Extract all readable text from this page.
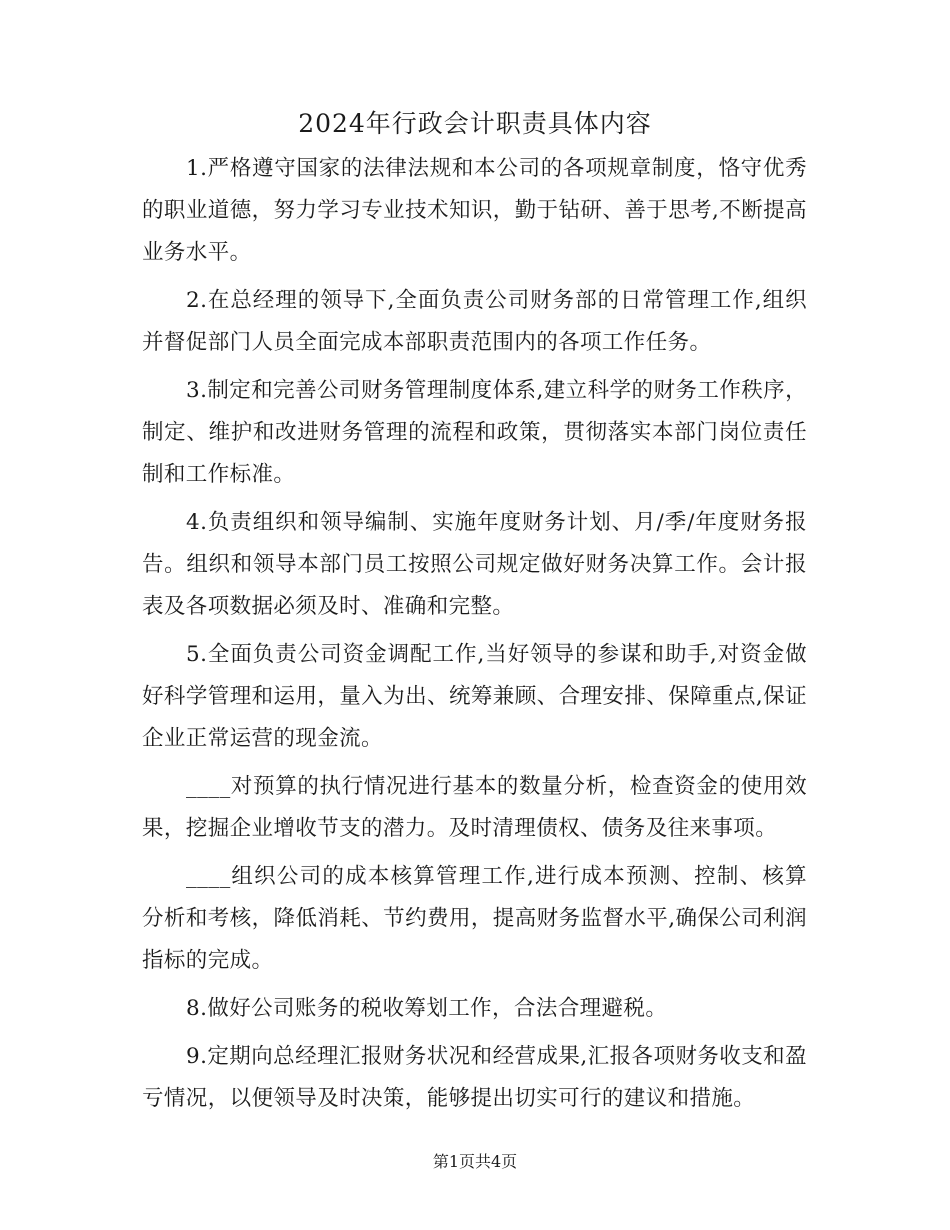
2024年行政会计职责具体内容

1.严格遵守国家的法律法规和本公司的各项规章制度，恪守优秀的职业道德，努力学习专业技术知识，勤于钻研、善于思考,不断提高业务水平。

2.在总经理的领导下,全面负责公司财务部的日常管理工作,组织并督促部门人员全面完成本部职责范围内的各项工作任务。

3.制定和完善公司财务管理制度体系,建立科学的财务工作秩序，制定、维护和改进财务管理的流程和政策，贯彻落实本部门岗位责任制和工作标准。

4.负责组织和领导编制、实施年度财务计划、月/季/年度财务报告。组织和领导本部门员工按照公司规定做好财务决算工作。会计报表及各项数据必须及时、准确和完整。

5.全面负责公司资金调配工作,当好领导的参谋和助手,对资金做好科学管理和运用，量入为出、统筹兼顾、合理安排、保障重点,保证企业正常运营的现金流。

____对预算的执行情况进行基本的数量分析，检查资金的使用效果，挖掘企业增收节支的潜力。及时清理债权、债务及往来事项。

____组织公司的成本核算管理工作,进行成本预测、控制、核算分析和考核，降低消耗、节约费用，提高财务监督水平,确保公司利润指标的完成。

8.做好公司账务的税收筹划工作，合法合理避税。

9.定期向总经理汇报财务状况和经营成果,汇报各项财务收支和盈亏情况，以便领导及时决策，能够提出切实可行的建议和措施。

第1页共4页
